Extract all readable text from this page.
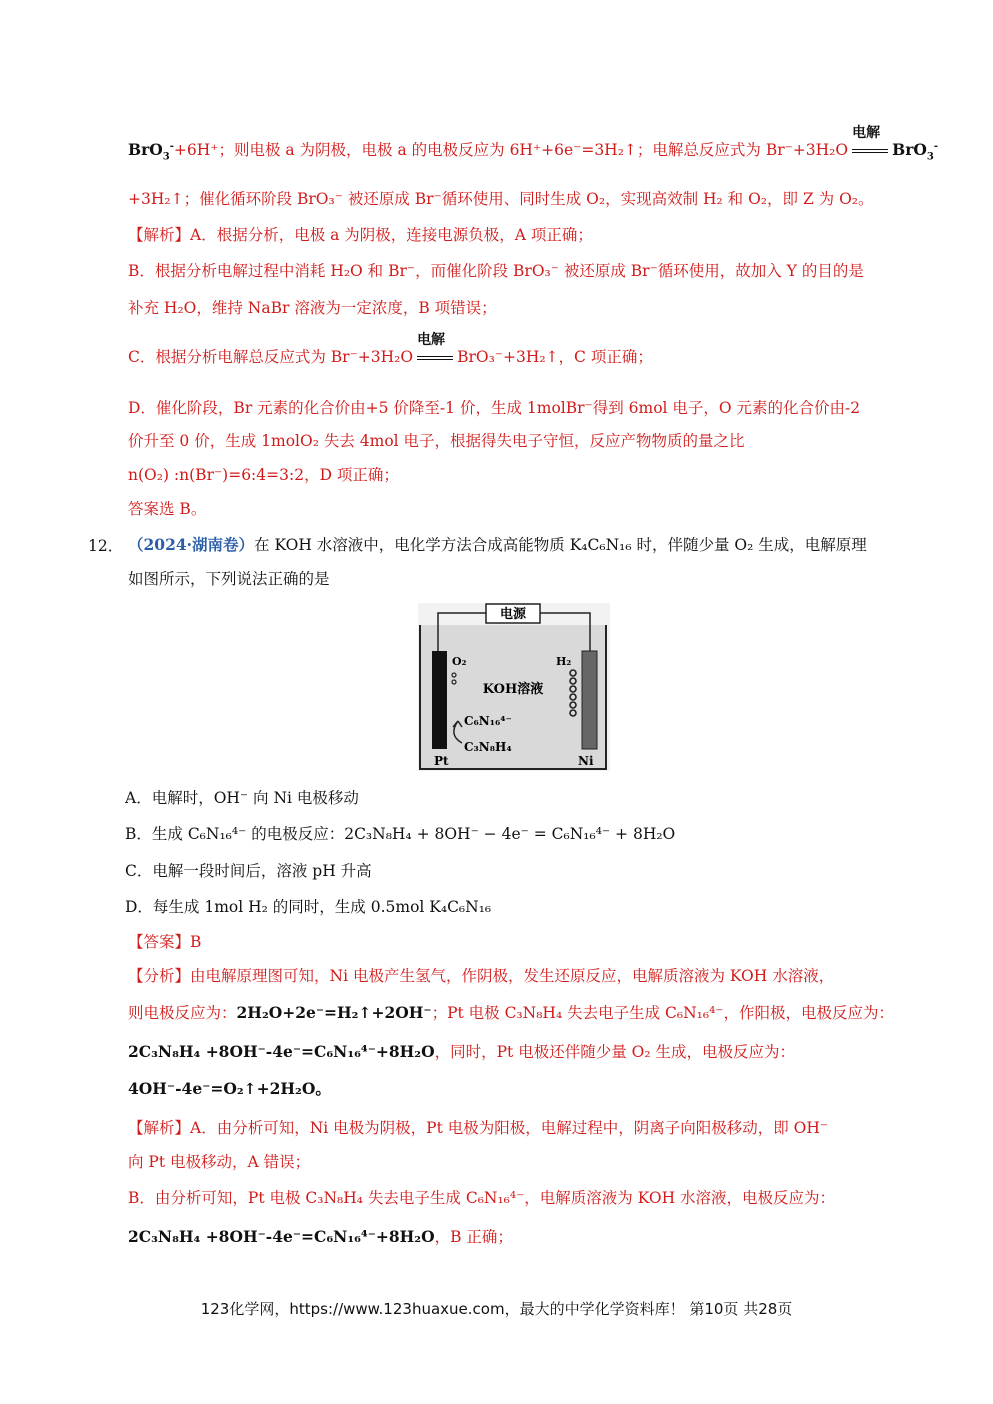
BrO$_3$-+6H⁺；则电极 a 为阴极，电极 a 的电极反应为 6H⁺+6e⁻=3H₂↑；电解总反应式为 Br⁻+3H₂O
电解
BrO$_3$-
+3H₂↑；催化循环阶段 BrO₃⁻ 被还原成 Br⁻循环使用、同时生成 O₂，实现高效制 H₂ 和 O₂，即 Z 为 O₂。
【解析】A．根据分析，电极 a 为阴极，连接电源负极，A 项正确；
B．根据分析电解过程中消耗 H₂O 和 Br⁻，而催化阶段 BrO₃⁻ 被还原成 Br⁻循环使用，故加入 Y 的目的是
补充 H₂O，维持 NaBr 溶液为一定浓度，B 项错误；
C．根据分析电解总反应式为 Br⁻+3H₂O
电解
BrO₃⁻+3H₂↑，C 项正确；
D．催化阶段，Br 元素的化合价由+5 价降至-1 价，生成 1molBr⁻得到 6mol 电子，O 元素的化合价由-2
价升至 0 价，生成 1molO₂ 失去 4mol 电子，根据得失电子守恒，反应产物物质的量之比
n(O₂) :n(Br⁻)=6:4=3:2，D 项正确；
答案选 B。
12． （2024·湖南卷）在 KOH 水溶液中，电化学方法合成高能物质 K₄C₆N₁₆ 时，伴随少量 O₂ 生成，电解原理
如图所示，下列说法正确的是
电源
O₂	H₂
KOH溶液
C₆N₁₆⁴⁻
C₃N₈H₄
Pt	Ni
A．电解时，OH⁻ 向 Ni 电极移动
B．生成 C₆N₁₆⁴⁻ 的电极反应：2C₃N₈H₄ + 8OH⁻ − 4e⁻ = C₆N₁₆⁴⁻ + 8H₂O
C．电解一段时间后，溶液 pH 升高
D．每生成 1mol H₂ 的同时，生成 0.5mol K₄C₆N₁₆
【答案】B
【分析】由电解原理图可知，Ni 电极产生氢气，作阴极，发生还原反应，电解质溶液为 KOH 水溶液，
则电极反应为：2H₂O+2e⁻=H₂↑+2OH⁻；Pt 电极 C₃N₈H₄ 失去电子生成 C₆N₁₆⁴⁻，作阳极，电极反应为：
2C₃N₈H₄ +8OH⁻-4e⁻=C₆N₁₆⁴⁻+8H₂O，同时，Pt 电极还伴随少量 O₂ 生成，电极反应为：
4OH⁻-4e⁻=O₂↑+2H₂O。
【解析】A．由分析可知，Ni 电极为阴极，Pt 电极为阳极，电解过程中，阴离子向阳极移动，即 OH⁻
向 Pt 电极移动，A 错误；
B．由分析可知，Pt 电极 C₃N₈H₄ 失去电子生成 C₆N₁₆⁴⁻，电解质溶液为 KOH 水溶液，电极反应为：
2C₃N₈H₄ +8OH⁻-4e⁻=C₆N₁₆⁴⁻+8H₂O，B 正确；
123化学网，https://www.123huaxue.com，最大的中学化学资料库！ 第10页 共28页
